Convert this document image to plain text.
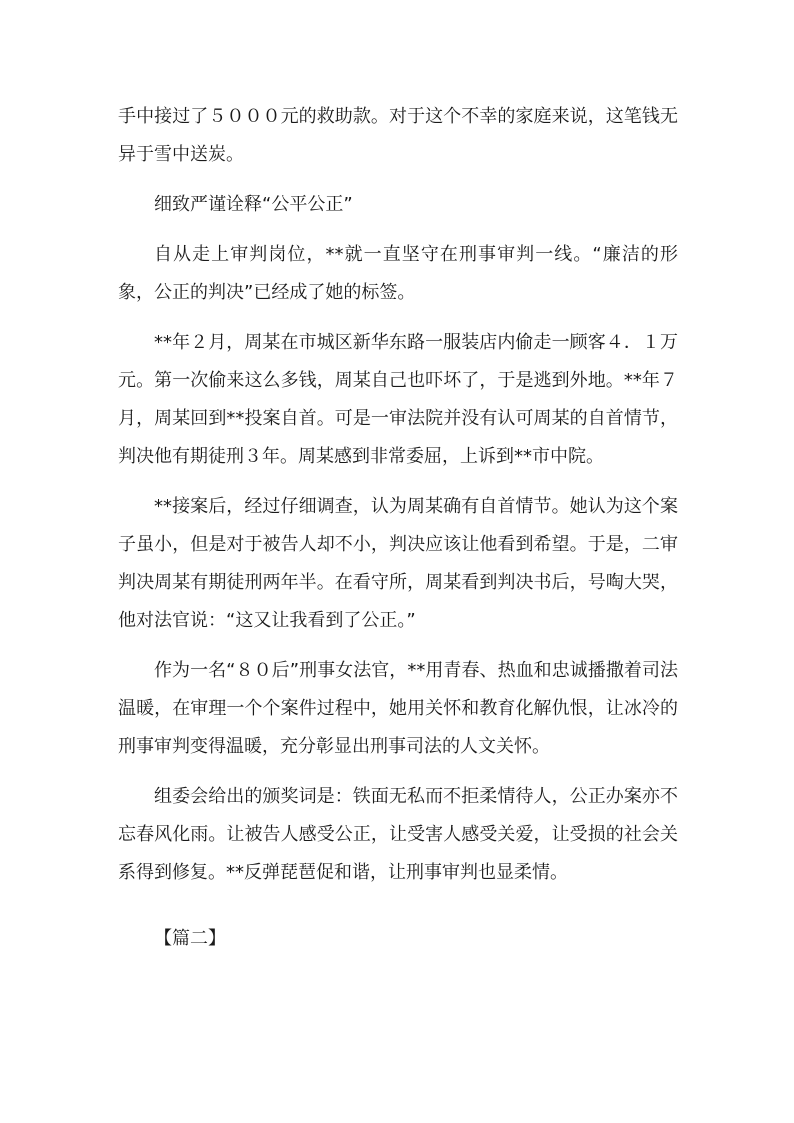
手中接过了５０００元的救助款。对于这个不幸的家庭来说，这笔钱无异于雪中送炭。

细致严谨诠释“公平公正”

自从走上审判岗位，**就一直坚守在刑事审判一线。“廉洁的形象，公正的判决”已经成了她的标签。

**年２月，周某在市城区新华东路一服装店内偷走一顾客４．１万元。第一次偷来这么多钱，周某自己也吓坏了，于是逃到外地。**年７月，周某回到**投案自首。可是一审法院并没有认可周某的自首情节，判决他有期徒刑３年。周某感到非常委屈，上诉到**市中院。

**接案后，经过仔细调查，认为周某确有自首情节。她认为这个案子虽小，但是对于被告人却不小，判决应该让他看到希望。于是，二审判决周某有期徒刑两年半。在看守所，周某看到判决书后，号啕大哭，他对法官说：“这又让我看到了公正。”

作为一名“８０后”刑事女法官，**用青春、热血和忠诚播撒着司法温暖，在审理一个个案件过程中，她用关怀和教育化解仇恨，让冰冷的刑事审判变得温暖，充分彰显出刑事司法的人文关怀。

组委会给出的颁奖词是：铁面无私而不拒柔情待人，公正办案亦不忘春风化雨。让被告人感受公正，让受害人感受关爱，让受损的社会关系得到修复。**反弹琵琶促和谐，让刑事审判也显柔情。

【篇二】
